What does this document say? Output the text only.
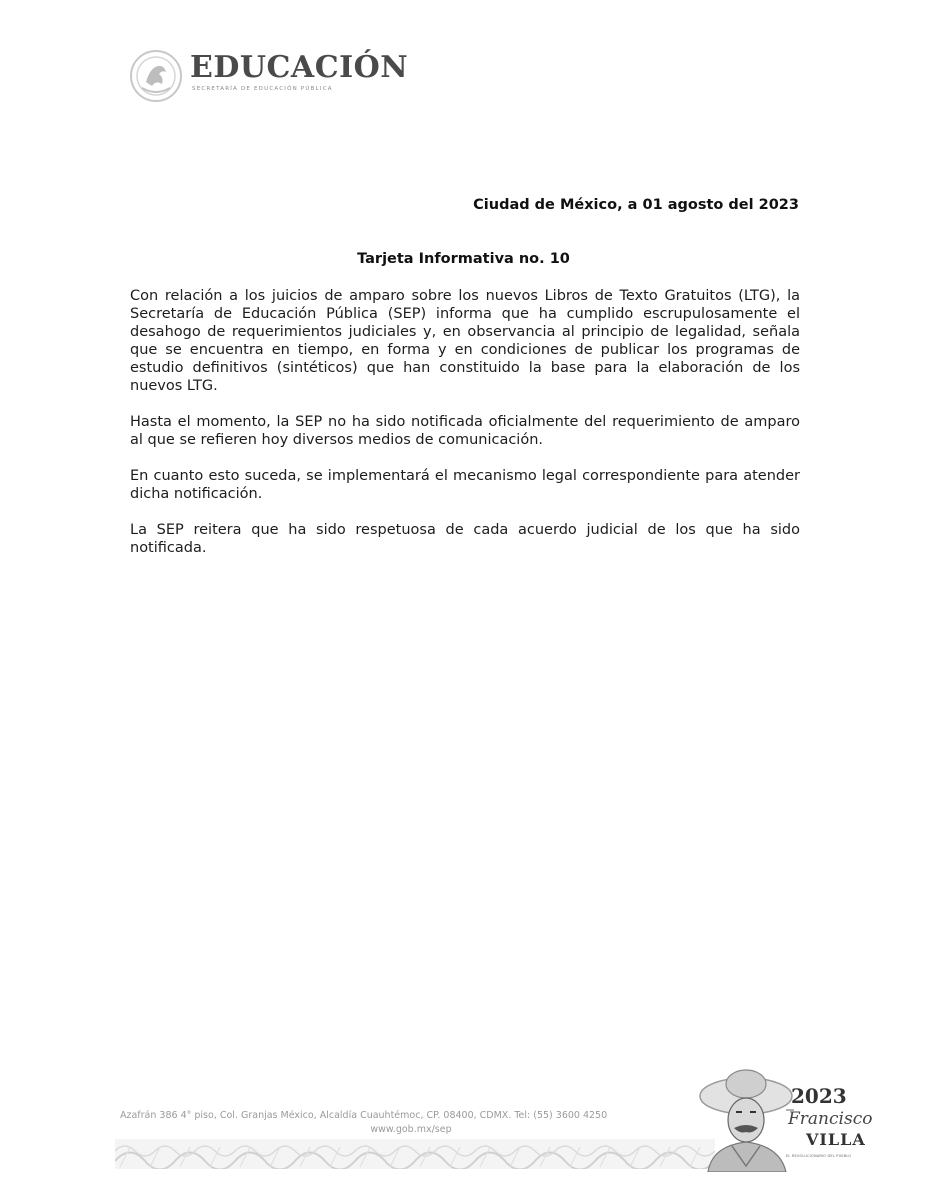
EDUCACIÓN
SECRETARÍA DE EDUCACIÓN PÚBLICA
Ciudad de México, a 01 agosto del 2023
Tarjeta Informativa no. 10

Con relación a los juicios de amparo sobre los nuevos Libros de Texto Gratuitos (LTG), la Secretaría de Educación Pública (SEP) informa que ha cumplido escrupulosamente el desahogo de requerimientos judiciales y, en observancia al principio de legalidad, señala que se encuentra en tiempo, en forma y en condiciones de publicar los programas de estudio definitivos (sintéticos) que han constituido la base para la elaboración de los nuevos LTG.

Hasta el momento, la SEP no ha sido notificada oficialmente del requerimiento de amparo al que se refieren hoy diversos medios de comunicación.

En cuanto esto suceda, se implementará el mecanismo legal correspondiente para atender dicha notificación.

La SEP reitera que ha sido respetuosa de cada acuerdo judicial de los que ha sido notificada.

Azafrán 386 4° piso, Col. Granjas México, Alcaldía Cuauhtémoc, CP. 08400, CDMX. Tel: (55) 3600 4250
www.gob.mx/sep
2023
Francisco
VILLA
EL REVOLUCIONARIO DEL PUEBLO
